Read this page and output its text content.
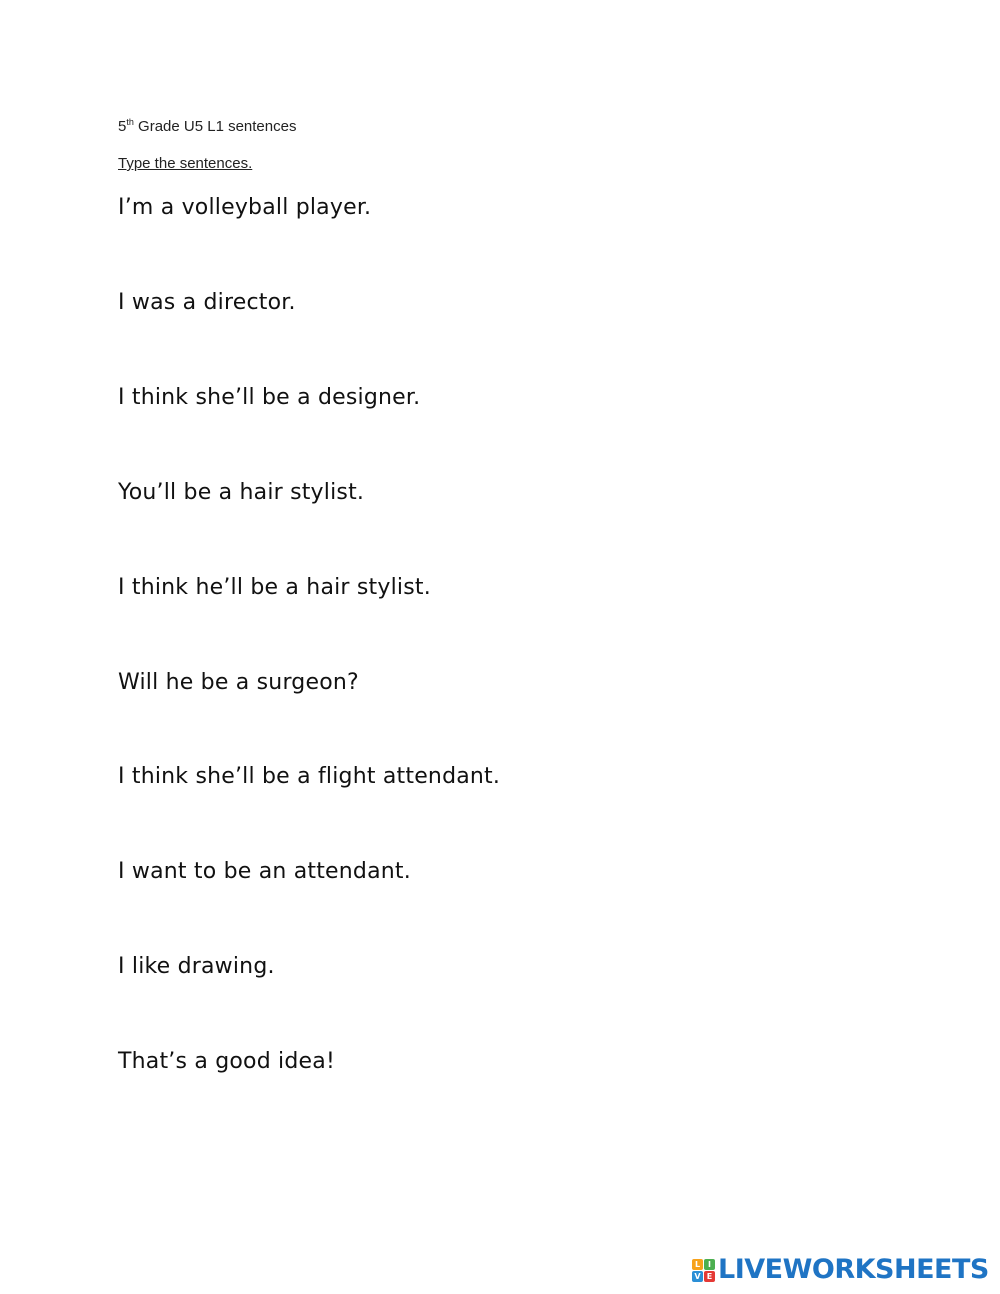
5th Grade U5 L1 sentences
Type the sentences.
I’m a volleyball player.
I was a director.
I think she’ll be a designer.
You’ll be a hair stylist.
I think he’ll be a hair stylist.
Will he be a surgeon?
I think she’ll be a flight attendant.
I want to be an attendant.
I like drawing.
That’s a good idea!
L I
V E LIVEWORKSHEETS
